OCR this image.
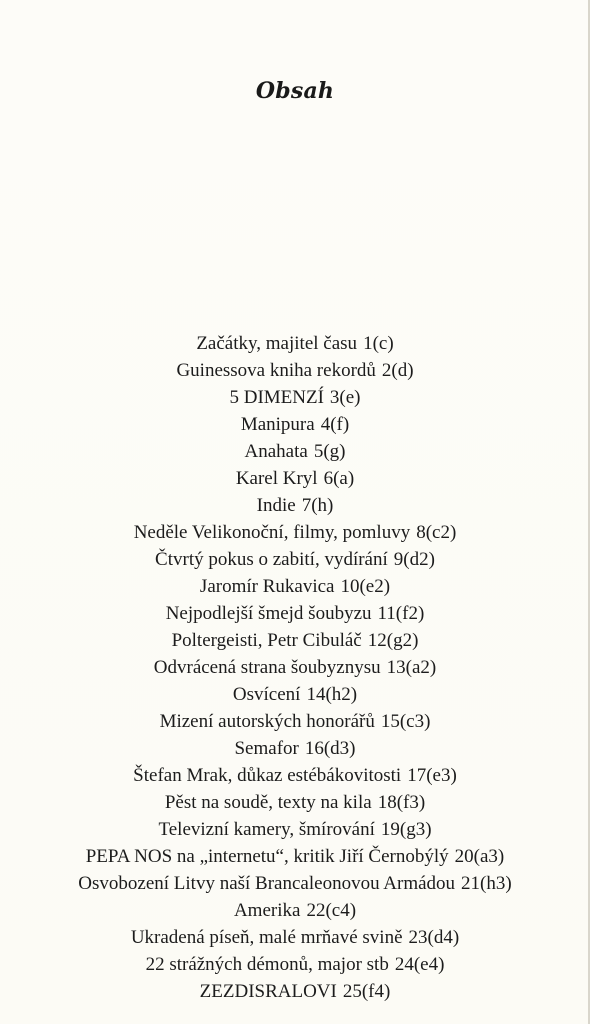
Obsah
Začátky, majitel času 1(c)
Guinessova kniha rekordů 2(d)
5 DIMENZÍ 3(e)
Manipura 4(f)
Anahata 5(g)
Karel Kryl 6(a)
Indie 7(h)
Neděle Velikonoční, filmy, pomluvy 8(c2)
Čtvrtý pokus o zabití, vydírání 9(d2)
Jaromír Rukavica 10(e2)
Nejpodlejší šmejd šoubyzu 11(f2)
Poltergeisti, Petr Cibuláč 12(g2)
Odvrácená strana šoubyznysu 13(a2)
Osvícení 14(h2)
Mizení autorských honorářů 15(c3)
Semafor 16(d3)
Štefan Mrak, důkaz estébákovitosti 17(e3)
Pěst na soudě, texty na kila 18(f3)
Televizní kamery, šmírování 19(g3)
PEPA NOS na „internetu“, kritik Jiří Černobýlý 20(a3)
Osvobození Litvy naší Brancaleonovou Armádou 21(h3)
Amerika 22(c4)
Ukradená píseň, malé mrňavé svině 23(d4)
22 strážných démonů, major stb 24(e4)
ZEZDISRALOVI 25(f4)
